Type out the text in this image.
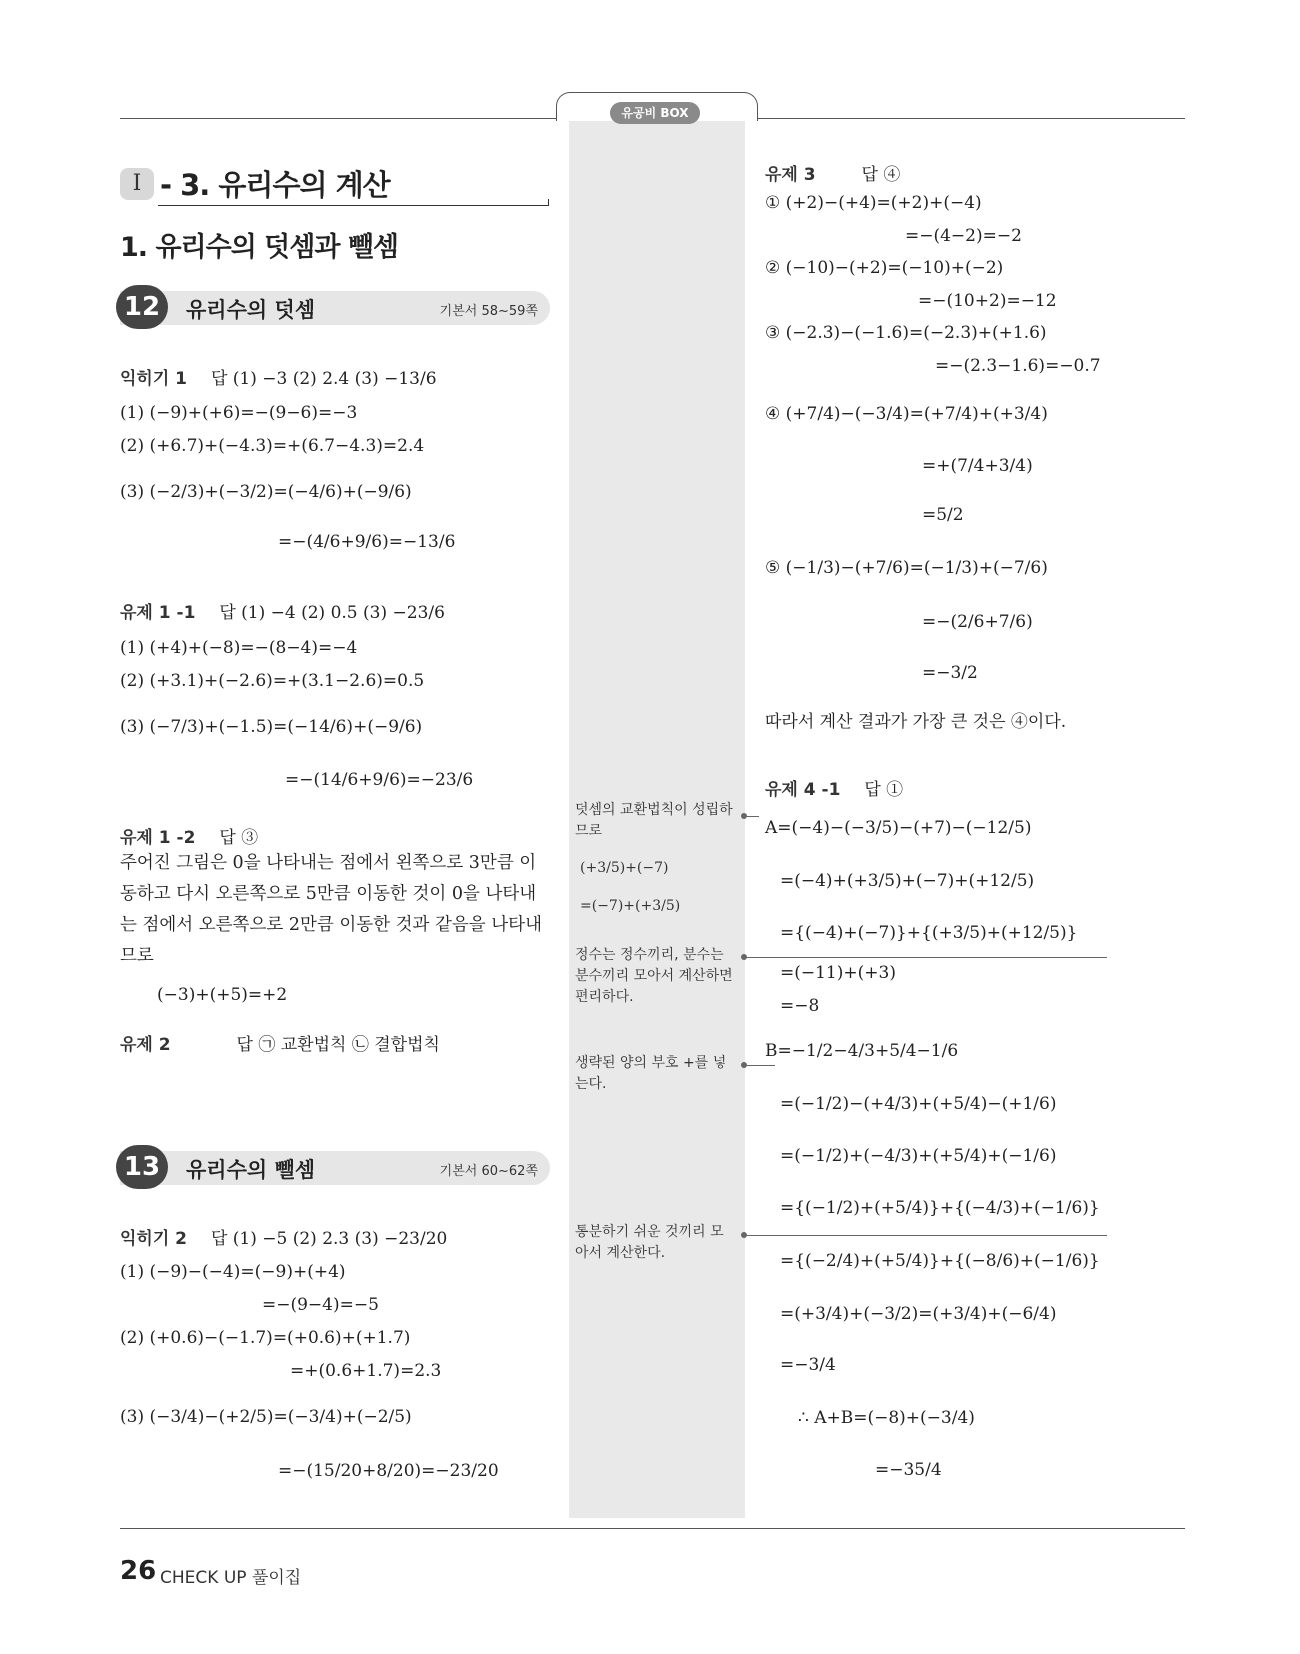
유공비 BOX
Ⅰ - 3. 유리수의 계산
1. 유리수의 덧셈과 뺄셈
12	유리수의 덧셈	기본서 58~59쪽
익히기 1 답 (1) −3 (2) 2.4 (3) −13/6
(1) (−9)+(+6)=−(9−6)=−3
(2) (+6.7)+(−4.3)=+(6.7−4.3)=2.4
(3) (−2/3)+(−3/2)=(−4/6)+(−9/6)
=−(4/6+9/6)=−13/6
유제 1 -1 답 (1) −4 (2) 0.5 (3) −23/6
(1) (+4)+(−8)=−(8−4)=−4
(2) (+3.1)+(−2.6)=+(3.1−2.6)=0.5
(3) (−7/3)+(−1.5)=(−14/6)+(−9/6)
=−(14/6+9/6)=−23/6
유제 1 -2 답 ③
주어진 그림은 0을 나타내는 점에서 왼쪽으로 3만큼 이동하고 다시 오른쪽으로 5만큼 이동한 것이 0을 나타내는 점에서 오른쪽으로 2만큼 이동한 것과 같음을 나타내므로
(−3)+(+5)=+2
유제 2	답 ㉠ 교환법칙 ㉡ 결합법칙
13	유리수의 뺄셈	기본서 60~62쪽
익히기 2 답 (1) −5 (2) 2.3 (3) −23/20
(1) (−9)−(−4)=(−9)+(+4)
=−(9−4)=−5
(2) (+0.6)−(−1.7)=(+0.6)+(+1.7)
=+(0.6+1.7)=2.3
(3) (−3/4)−(+2/5)=(−3/4)+(−2/5)
=−(15/20+8/20)=−23/20
유제 3	답 ④
① (+2)−(+4)=(+2)+(−4)
=−(4−2)=−2
② (−10)−(+2)=(−10)+(−2)
=−(10+2)=−12
③ (−2.3)−(−1.6)=(−2.3)+(+1.6)
=−(2.3−1.6)=−0.7
④ (+7/4)−(−3/4)=(+7/4)+(+3/4)
=+(7/4+3/4)
=5/2
⑤ (−1/3)−(+7/6)=(−1/3)+(−7/6)
=−(2/6+7/6)
=−3/2
따라서 계산 결과가 가장 큰 것은 ④이다.
유제 4 -1 답 ①
A=(−4)−(−3/5)−(+7)−(−12/5)
=(−4)+(+3/5)+(−7)+(+12/5)
={(−4)+(−7)}+{(+3/5)+(+12/5)}
=(−11)+(+3)
=−8
B=−1/2−4/3+5/4−1/6
=(−1/2)−(+4/3)+(+5/4)−(+1/6)
=(−1/2)+(−4/3)+(+5/4)+(−1/6)
={(−1/2)+(+5/4)}+{(−4/3)+(−1/6)}
={(−2/4)+(+5/4)}+{(−8/6)+(−1/6)}
=(+3/4)+(−3/2)=(+3/4)+(−6/4)
=−3/4
∴ A+B=(−8)+(−3/4)
=−35/4
덧셈의 교환법칙이 성립하므로
(+3/5)+(−7)
=(−7)+(+3/5)
정수는 정수끼리, 분수는 분수끼리 모아서 계산하면 편리하다.
생략된 양의 부호 +를 넣는다.
통분하기 쉬운 것끼리 모아서 계산한다.
26 CHECK UP 풀이집
